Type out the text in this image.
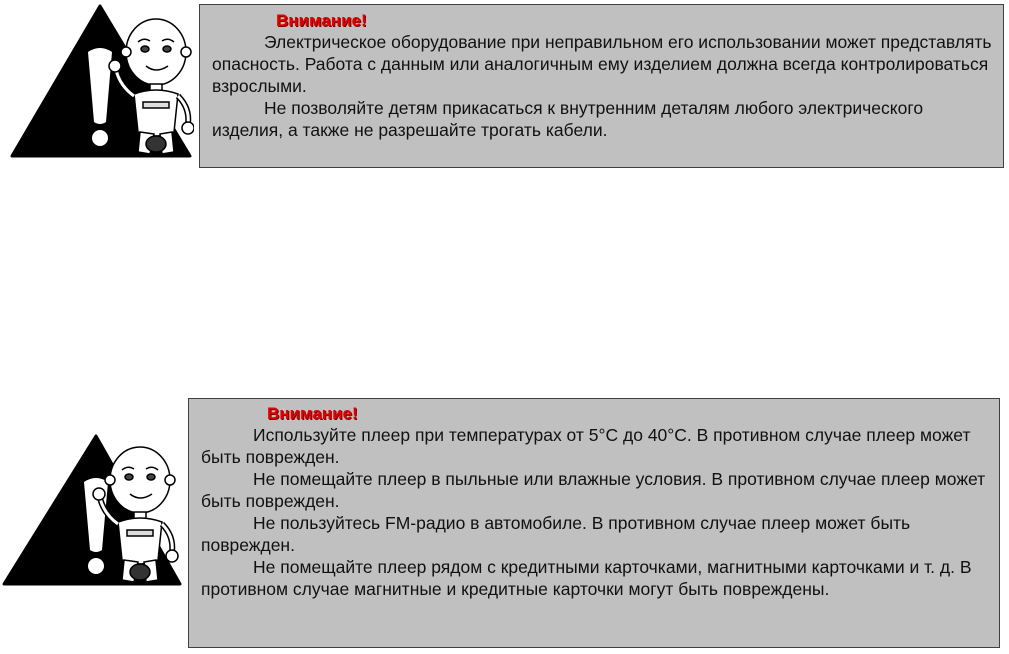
Внимание!

Электрическое оборудование при неправильном его использовании может представлять опасность. Работа с данным или аналогичным ему изделием должна всегда контролироваться взрослыми.

Не позволяйте детям прикасаться к внутренним деталям любого электрического изделия, а также не разрешайте трогать кабели.

Внимание!

Используйте плеер при температурах от 5°С до 40°С. В противном случае плеер может быть поврежден.

Не помещайте плеер в пыльные или влажные условия. В противном случае плеер может быть поврежден.

Не пользуйтесь FM-радио в автомобиле. В противном случае плеер может быть поврежден.

Не помещайте плеер рядом с кредитными карточками, магнитными карточками и т. д. В противном случае магнитные и кредитные карточки могут быть повреждены.
